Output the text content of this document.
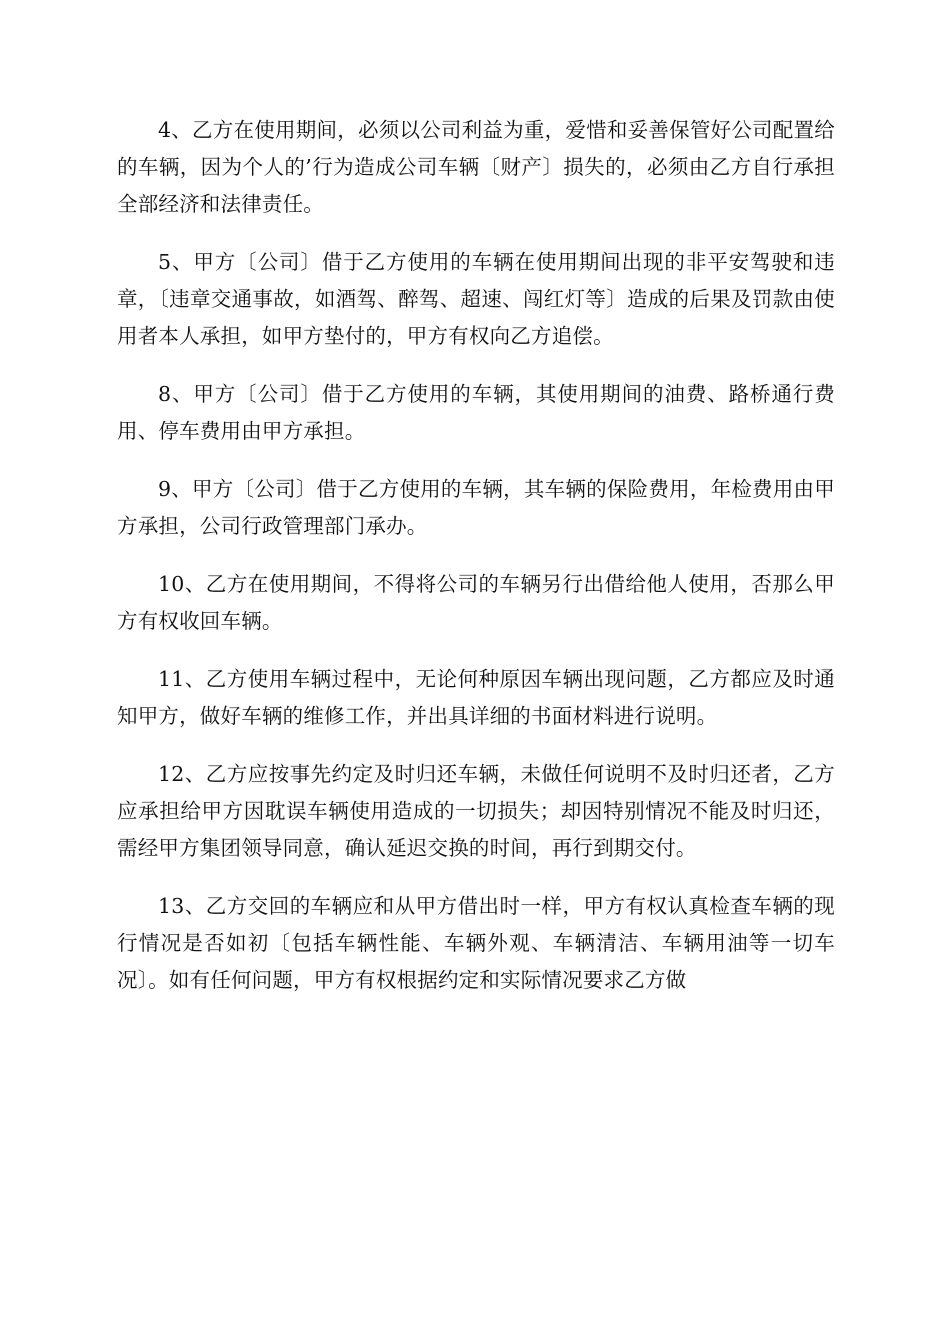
4、乙方在使用期间，必须以公司利益为重，爱惜和妥善保管好公司配置给的车辆，因为个人的’行为造成公司车辆〔财产〕损失的，必须由乙方自行承担全部经济和法律责任。

5、甲方〔公司〕借于乙方使用的车辆在使用期间出现的非平安驾驶和违章，〔违章交通事故，如酒驾、醉驾、超速、闯红灯等〕造成的后果及罚款由使用者本人承担，如甲方垫付的，甲方有权向乙方追偿。

8、甲方〔公司〕借于乙方使用的车辆，其使用期间的油费、路桥通行费用、停车费用由甲方承担。

9、甲方〔公司〕借于乙方使用的车辆，其车辆的保险费用，年检费用由甲方承担，公司行政管理部门承办。

10、乙方在使用期间，不得将公司的车辆另行出借给他人使用，否那么甲方有权收回车辆。

11、乙方使用车辆过程中，无论何种原因车辆出现问题，乙方都应及时通知甲方，做好车辆的维修工作，并出具详细的书面材料进行说明。

12、乙方应按事先约定及时归还车辆，未做任何说明不及时归还者，乙方应承担给甲方因耽误车辆使用造成的一切损失；却因特别情况不能及时归还，需经甲方集团领导同意，确认延迟交换的时间，再行到期交付。

13、乙方交回的车辆应和从甲方借出时一样，甲方有权认真检查车辆的现行情况是否如初〔包括车辆性能、车辆外观、车辆清洁、车辆用油等一切车况〕。如有任何问题，甲方有权根据约定和实际情况要求乙方做
